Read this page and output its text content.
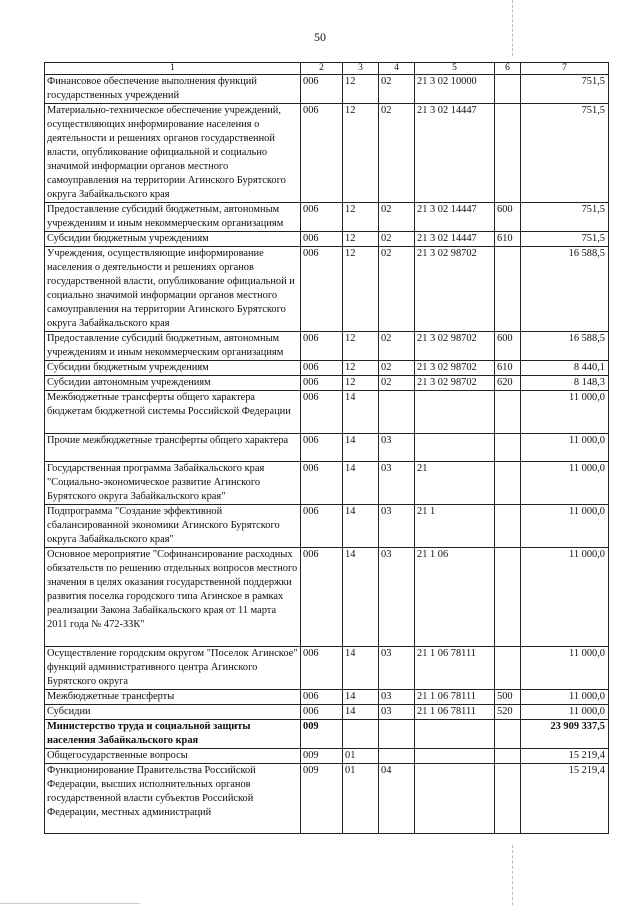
50
1	2	3	4	5	6	7
Финансовое обеспечение выполнения функций государственных учреждений	006	12	02	21 3 02 10000		751,5
Материально-техническое обеспечение учреждений, осуществляющих информирование населения о деятельности и решениях органов государственной власти, опубликование официальной и социально значимой информации органов местного самоуправления на территории Агинского Бурятского округа Забайкальского края	006	12	02	21 3 02 14447		751,5
Предоставление субсидий бюджетным, автономным учреждениям и иным некоммерческим организациям	006	12	02	21 3 02 14447	600	751,5
Субсидии бюджетным учреждениям	006	12	02	21 3 02 14447	610	751,5
Учреждения, осуществляющие информирование населения о деятельности и решениях органов государственной власти, опубликование официальной и социально значимой информации органов местного самоуправления на территории Агинского Бурятского округа Забайкальского края	006	12	02	21 3 02 98702		16 588,5
Предоставление субсидий бюджетным, автономным учреждениям и иным некоммерческим организациям	006	12	02	21 3 02 98702	600	16 588,5
Субсидии бюджетным учреждениям	006	12	02	21 3 02 98702	610	8 440,1
Субсидии автономным учреждениям	006	12	02	21 3 02 98702	620	8 148,3
Межбюджетные трансферты общего характера бюджетам бюджетной системы Российской Федерации	006	14				11 000,0
Прочие межбюджетные трансферты общего характера	006	14	03			11 000,0
Государственная программа Забайкальского края "Социально-экономическое развитие Агинского Бурятского округа Забайкальского края"	006	14	03	21		11 000,0
Подпрограмма "Создание эффективной сбалансированной экономики Агинского Бурятского округа Забайкальского края"	006	14	03	21 1		11 000,0
Основное мероприятие "Софинансирование расходных обязательств по решению отдельных вопросов местного значения в целях оказания государственной поддержки развития поселка городского типа Агинское в рамках реализации Закона Забайкальского края от 11 марта 2011 года № 472-ЗЗК"	006	14	03	21 1 06		11 000,0
Осуществление городским округом "Поселок Агинское" функций административного центра Агинского Бурятского округа	006	14	03	21 1 06 78111		11 000,0
Межбюджетные трансферты	006	14	03	21 1 06 78111	500	11 000,0
Субсидии	006	14	03	21 1 06 78111	520	11 000,0
Министерство труда и социальной защиты населения Забайкальского края	009					23 909 337,5
Общегосударственные вопросы	009	01				15 219,4
Функционирование Правительства Российской Федерации, высших исполнительных органов государственной власти субъектов Российской Федерации, местных администраций	009	01	04			15 219,4
